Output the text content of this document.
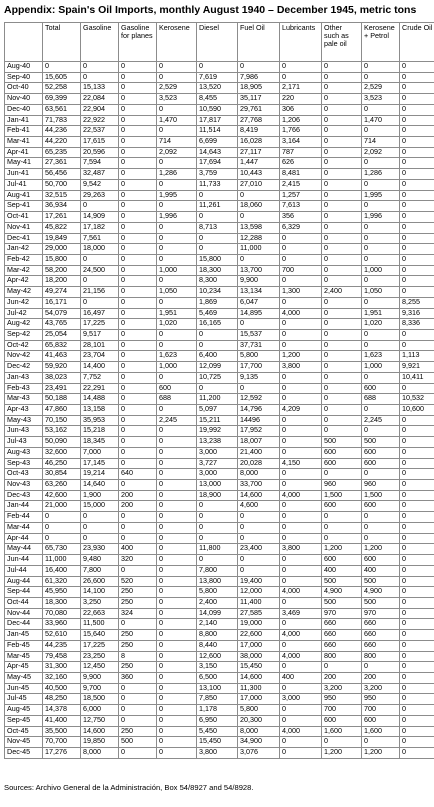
Appendix: Spain's Oil Imports, monthly August 1940 – December 1945, metric tons
	Total	Gasoline	Gasoline for planes	Kerosene	Diesel	Fuel Oil	Lubricants	Other such as pale oil	Kerosene + Petrol	Crude Oil
Aug-40	0	0	0	0	0	0	0	0	0	0
Sep-40	15,605	0	0	0	7,619	7,986	0	0	0	0
Oct-40	52,258	15,133	0	2,529	13,520	18,905	2,171	0	2,529	0
Nov-40	69,399	22,084	0	3,523	8,455	35,117	220	0	3,523	0
Dec-40	63,561	22,904	0	0	10,590	29,761	306	0	0	0
Jan-41	71,783	22,922	0	1,470	17,817	27,768	1,206	0	1,470	0
Feb-41	44,236	22,537	0	0	11,514	8,419	1,766	0	0	0
Mar-41	44,220	17,615	0	714	6,699	16,028	3,164	0	714	0
Apr-41	65,235	20,596	0	2,092	14,643	27,117	787	0	2,092	0
May-41	27,361	7,594	0	0	17,694	1,447	626	0	0	0
Jun-41	56,456	32,487	0	1,286	3,759	10,443	8,481	0	1,286	0
Jul-41	50,700	9,542	0	0	11,733	27,010	2,415	0	0	0
Aug-41	32,515	29,263	0	1,995	0	0	1,257	0	1,995	0
Sep-41	36,934	0	0	0	11,261	18,060	7,613	0	0	0
Oct-41	17,261	14,909	0	1,996	0	0	356	0	1,996	0
Nov-41	45,822	17,182	0	0	8,713	13,598	6,329	0	0	0
Dec-41	19,849	7,561	0	0	0	12,288	0	0	0	0
Jan-42	29,000	18,000	0	0	0	11,000	0	0	0	0
Feb-42	15,800	0	0	0	15,800	0	0	0	0	0
Mar-42	58,200	24,500	0	1,000	18,300	13,700	700	0	1,000	0
Apr-42	18,200	0	0	0	8,300	9,900	0	0	0	0
May-42	49,274	21,156	0	1,050	10,234	13,134	1,300	2,400	1,050	0
Jun-42	16,171	0	0	0	1,869	6,047	0	0	0	8,255
Jul-42	54,079	16,497	0	1,951	5,469	14,895	4,000	0	1,951	9,316
Aug-42	43,765	17,225	0	1,020	16,165	0	0	0	1,020	8,336
Sep-42	25,054	9,517	0	0	0	15,537	0	0	0	0
Oct-42	65,832	28,101	0	0	0	37,731	0	0	0	0
Nov-42	41,463	23,704	0	1,623	6,400	5,800	1,200	0	1,623	1,113
Dec-42	59,920	14,400	0	1,000	12,099	17,700	3,800	0	1,000	9,921
Jan-43	38,023	7,752	0	0	10,725	9,135	0	0	0	10,411
Feb-43	23,491	22,291	0	600	0	0	0	0	600	0
Mar-43	50,188	14,488	0	688	11,200	12,592	0	0	688	10,532
Apr-43	47,860	13,158	0	0	5,097	14,796	4,209	0	0	10,600
May-43	70,150	35,953	0	2,245	15,211	14496	0	0	2,245	0
Jun-43	53,162	15,218	0	0	19,992	17,952	0	0	0	0
Jul-43	50,090	18,345	0	0	13,238	18,007	0	500	500	0
Aug-43	32,600	7,000	0	0	3,000	21,400	0	600	600	0
Sep-43	46,250	17,145	0	0	3,727	20,028	4,150	600	600	0
Oct-43	30,854	19,214	640	0	3,000	8,000	0	0	0	0
Nov-43	63,260	14,640	0	0	13,000	33,700	0	960	960	0
Dec-43	42,600	1,900	200	0	18,900	14,600	4,000	1,500	1,500	0
Jan-44	21,000	15,000	200	0	0	4,600	0	600	600	0
Feb-44	0	0	0	0	0	0	0	0	0	0
Mar-44	0	0	0	0	0	0	0	0	0	0
Apr-44	0	0	0	0	0	0	0	0	0	0
May-44	65,730	23,930	400	0	11,800	23,400	3,800	1,200	1,200	0
Jun-44	11,000	9,480	320	0	0	0	0	600	600	0
Jul-44	16,400	7,800	0	0	7,800	0	0	400	400	0
Aug-44	61,320	26,600	520	0	13,800	19,400	0	500	500	0
Sep-44	45,950	14,100	250	0	5,800	12,000	4,000	4,900	4,900	0
Oct-44	18,300	3,250	250	0	2,400	11,400	0	500	500	0
Nov-44	70,080	22,663	324	0	14,099	27,585	3,469	970	970	0
Dec-44	33,960	11,500	0	0	2,140	19,000	0	660	660	0
Jan-45	52,610	15,640	250	0	8,800	22,600	4,000	660	660	0
Feb-45	44,235	17,225	250	0	8,440	17,000	0	660	660	0
Mar-45	79,458	23,250	8	0	12,600	38,000	4,000	800	800	0
Apr-45	31,300	12,450	250	0	3,150	15,450	0	0	0	0
May-45	32,160	9,900	360	0	6,500	14,600	400	200	200	0
Jun-45	40,500	9,700	0	0	13,100	11,300	0	3,200	3,200	0
Jul-45	48,250	18,500	0	0	7,850	17,000	3,000	950	950	0
Aug-45	14,378	6,000	0	0	1,178	5,800	0	700	700	0
Sep-45	41,400	12,750	0	0	6,950	20,300	0	600	600	0
Oct-45	35,500	14,600	250	0	5,450	8,000	4,000	1,600	1,600	0
Nov-45	70,700	19,850	500	0	15,450	34,900	0	0	0	0
Dec-45	17,276	8,000	0	0	3,800	3,076	0	1,200	1,200	0
Sources: Archivo General de la Administración, Box 54/8927 and 54/8928.
